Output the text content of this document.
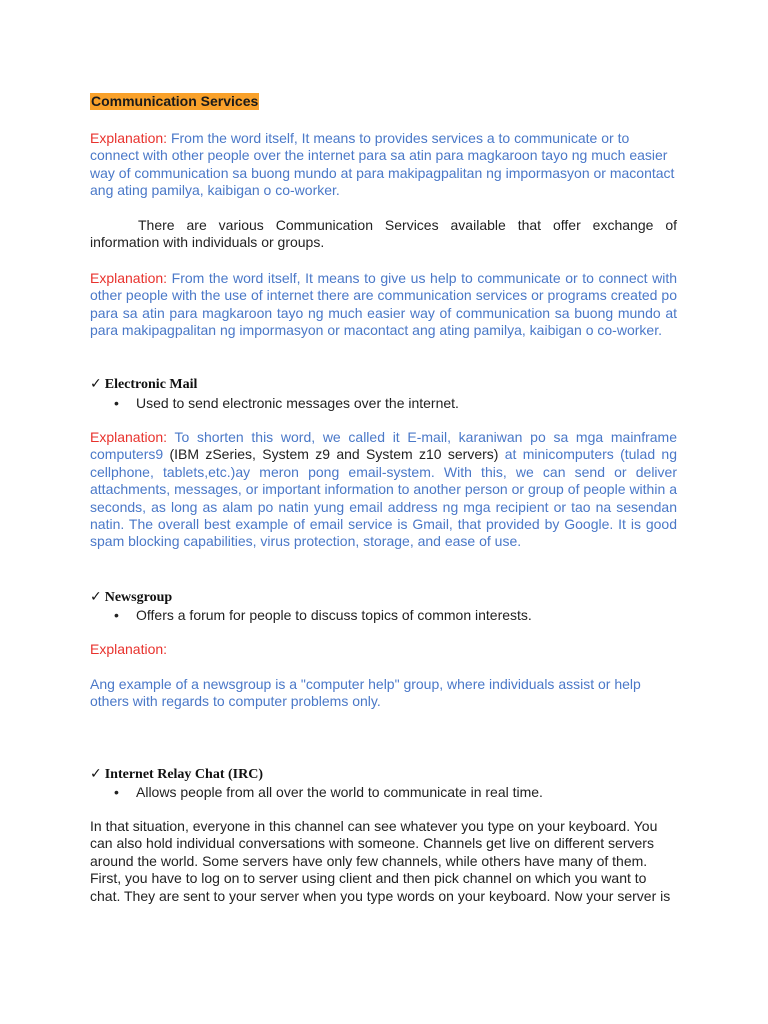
Communication Services
Explanation: From the word itself, It means to provides services a to communicate or to connect with other people over the internet para sa atin para magkaroon tayo ng much easier way of communication sa buong mundo at para makipagpalitan ng impormasyon or macontact ang ating pamilya, kaibigan o co-worker.
There are various Communication Services available that offer exchange of information with individuals or groups.
Explanation: From the word itself, It means to give us help to communicate or to connect with other people with the use of internet there are communication services or programs created po para sa atin para magkaroon tayo ng much easier way of communication sa buong mundo at para makipagpalitan ng impormasyon or macontact ang ating pamilya, kaibigan o co-worker.
✓ Electronic Mail
• Used to send electronic messages over the internet.
Explanation: To shorten this word, we called it E-mail, karaniwan po sa mga mainframe computers9 (IBM zSeries, System z9 and System z10 servers) at minicomputers (tulad ng cellphone, tablets,etc.)ay meron pong email-system. With this, we can send or deliver attachments, messages, or important information to another person or group of people within a seconds, as long as alam po natin yung email address ng mga recipient or tao na sesendan natin. The overall best example of email service is Gmail, that provided by Google. It is good spam blocking capabilities, virus protection, storage, and ease of use.
✓ Newsgroup
• Offers a forum for people to discuss topics of common interests.
Explanation:
Ang example of a newsgroup is a "computer help" group, where individuals assist or help others with regards to computer problems only.
✓ Internet Relay Chat (IRC)
• Allows people from all over the world to communicate in real time.
In that situation, everyone in this channel can see whatever you type on your keyboard. You
can also hold individual conversations with someone. Channels get live on different servers
around the world. Some servers have only few channels, while others have many of them.
First, you have to log on to server using client and then pick channel on which you want to
chat. They are sent to your server when you type words on your keyboard. Now your server is
